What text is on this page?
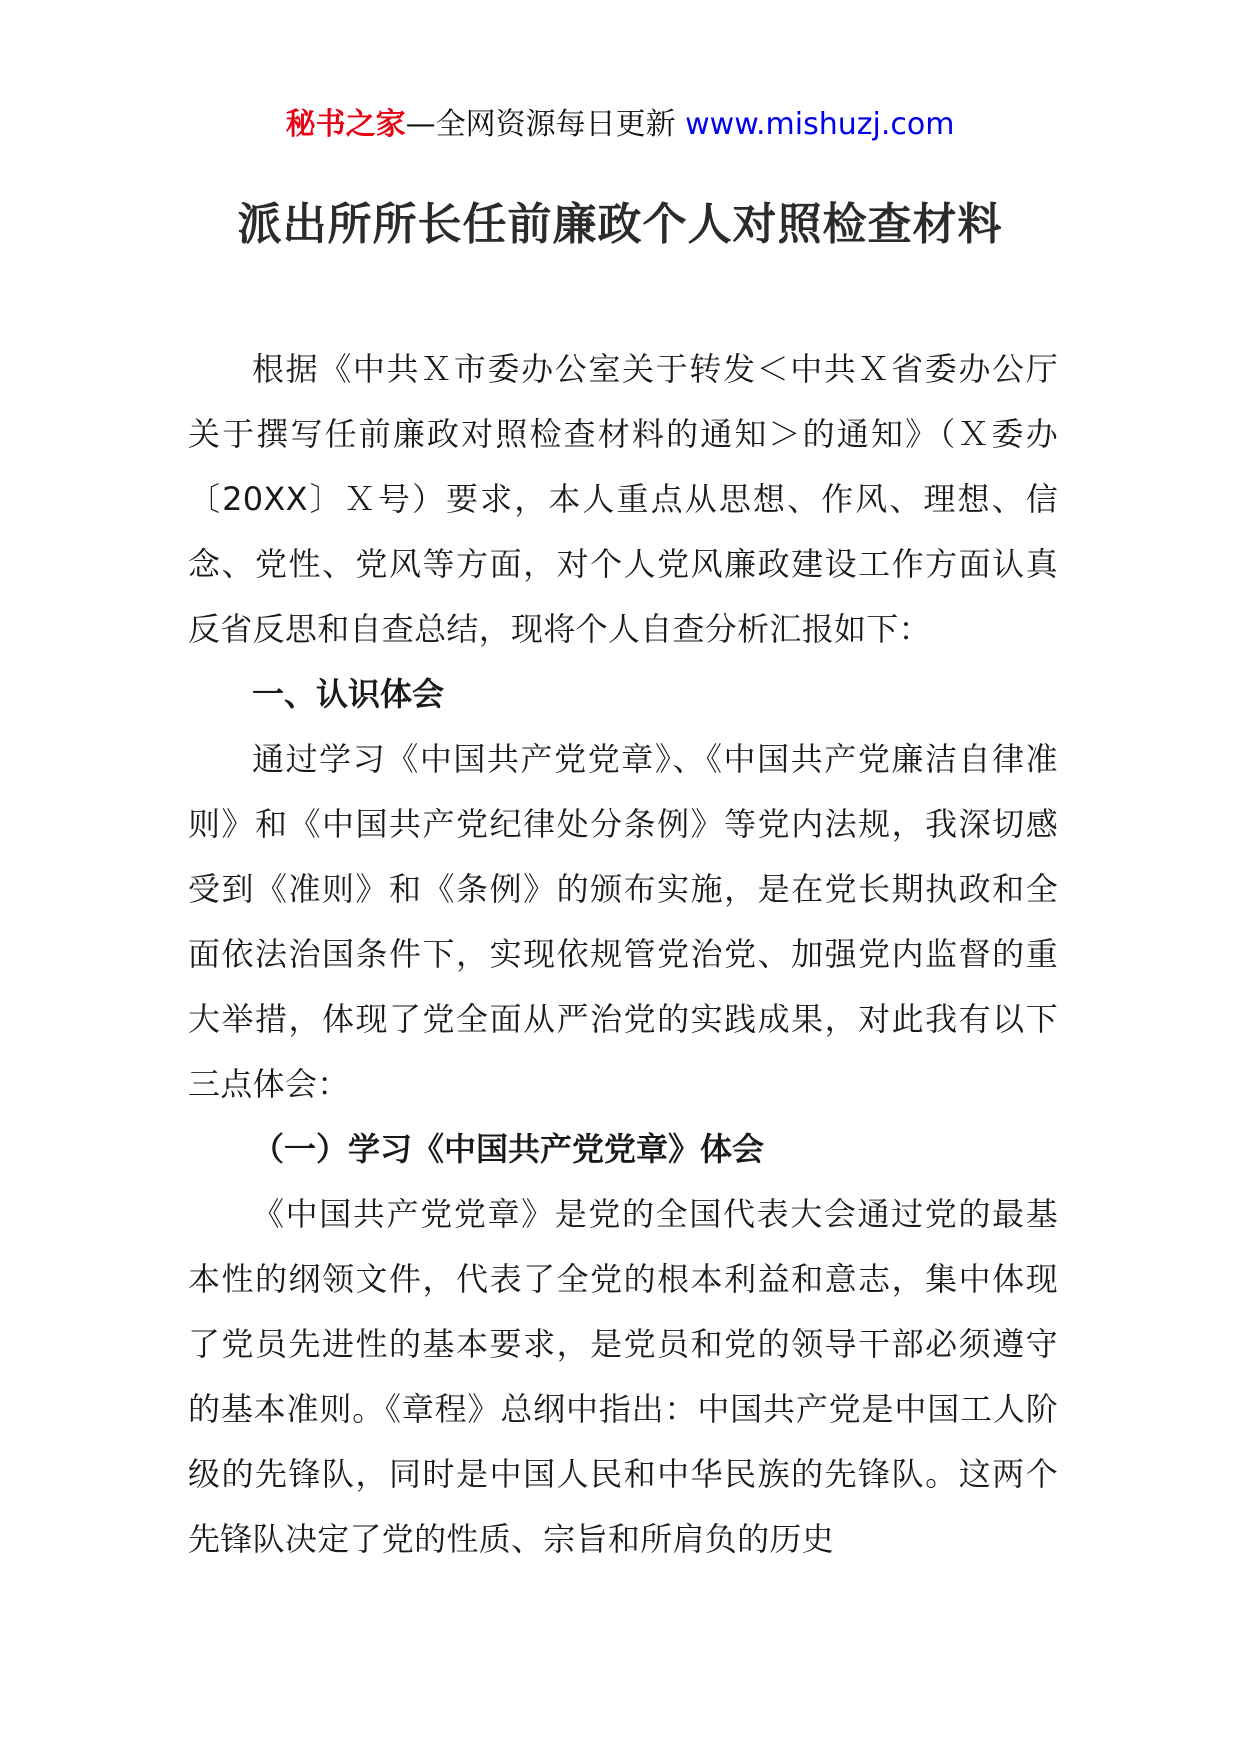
秘书之家—全网资源每日更新 www.mishuzj.com
派出所所长任前廉政个人对照检查材料

根据《中共Ｘ市委办公室关于转发＜中共Ｘ省委办公厅关于撰写任前廉政对照检查材料的通知＞的通知》（Ｘ委办〔20XX〕Ｘ号）要求，本人重点从思想、作风、理想、信念、党性、党风等方面，对个人党风廉政建设工作方面认真反省反思和自查总结，现将个人自查分析汇报如下：

一、认识体会

通过学习《中国共产党党章》、《中国共产党廉洁自律准则》和《中国共产党纪律处分条例》等党内法规，我深切感受到《准则》和《条例》的颁布实施，是在党长期执政和全面依法治国条件下，实现依规管党治党、加强党内监督的重大举措，体现了党全面从严治党的实践成果，对此我有以下三点体会：

（一）学习《中国共产党党章》体会

《中国共产党党章》是党的全国代表大会通过党的最基本性的纲领文件，代表了全党的根本利益和意志，集中体现了党员先进性的基本要求，是党员和党的领导干部必须遵守的基本准则。《章程》总纲中指出：中国共产党是中国工人阶级的先锋队，同时是中国人民和中华民族的先锋队。这两个先锋队决定了党的性质、宗旨和所肩负的历史
